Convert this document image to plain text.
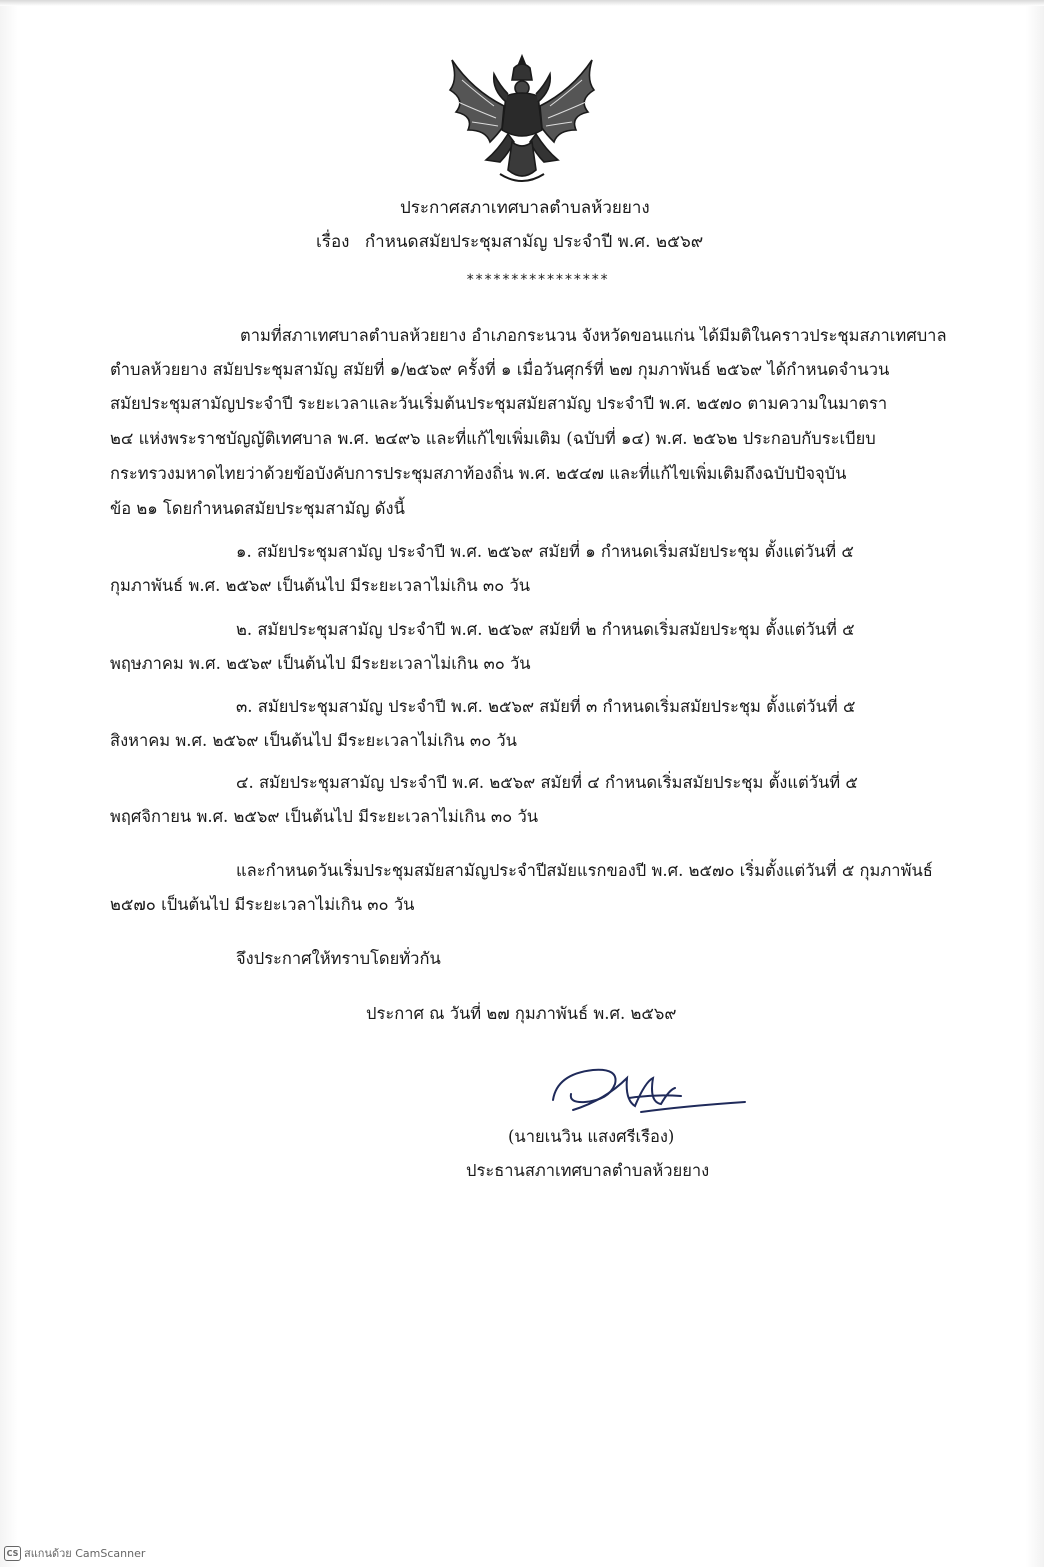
ประกาศสภาเทศบาลตำบลห้วยยาง
เรื่อง กำหนดสมัยประชุมสามัญ ประจำปี พ.ศ. ๒๕๖๙
****************
ตามที่สภาเทศบาลตำบลห้วยยาง อำเภอกระนวน จังหวัดขอนแก่น ได้มีมติในคราวประชุมสภาเทศบาล
ตำบลห้วยยาง สมัยประชุมสามัญ สมัยที่ ๑/๒๕๖๙ ครั้งที่ ๑ เมื่อวันศุกร์ที่ ๒๗ กุมภาพันธ์ ๒๕๖๙ ได้กำหนดจำนวน
สมัยประชุมสามัญประจำปี ระยะเวลาและวันเริ่มต้นประชุมสมัยสามัญ ประจำปี พ.ศ. ๒๕๗๐ ตามความในมาตรา
๒๔ แห่งพระราชบัญญัติเทศบาล พ.ศ. ๒๔๙๖ และที่แก้ไขเพิ่มเติม (ฉบับที่ ๑๔) พ.ศ. ๒๕๖๒ ประกอบกับระเบียบ
กระทรวงมหาดไทยว่าด้วยข้อบังคับการประชุมสภาท้องถิ่น พ.ศ. ๒๕๔๗ และที่แก้ไขเพิ่มเติมถึงฉบับปัจจุบัน
ข้อ ๒๑ โดยกำหนดสมัยประชุมสามัญ ดังนี้
๑. สมัยประชุมสามัญ ประจำปี พ.ศ. ๒๕๖๙ สมัยที่ ๑ กำหนดเริ่มสมัยประชุม ตั้งแต่วันที่ ๕
กุมภาพันธ์ พ.ศ. ๒๕๖๙ เป็นต้นไป มีระยะเวลาไม่เกิน ๓๐ วัน
๒. สมัยประชุมสามัญ ประจำปี พ.ศ. ๒๕๖๙ สมัยที่ ๒ กำหนดเริ่มสมัยประชุม ตั้งแต่วันที่ ๕
พฤษภาคม พ.ศ. ๒๕๖๙ เป็นต้นไป มีระยะเวลาไม่เกิน ๓๐ วัน
๓. สมัยประชุมสามัญ ประจำปี พ.ศ. ๒๕๖๙ สมัยที่ ๓ กำหนดเริ่มสมัยประชุม ตั้งแต่วันที่ ๕
สิงหาคม พ.ศ. ๒๕๖๙ เป็นต้นไป มีระยะเวลาไม่เกิน ๓๐ วัน
๔. สมัยประชุมสามัญ ประจำปี พ.ศ. ๒๕๖๙ สมัยที่ ๔ กำหนดเริ่มสมัยประชุม ตั้งแต่วันที่ ๕
พฤศจิกายน พ.ศ. ๒๕๖๙ เป็นต้นไป มีระยะเวลาไม่เกิน ๓๐ วัน
และกำหนดวันเริ่มประชุมสมัยสามัญประจำปีสมัยแรกของปี พ.ศ. ๒๕๗๐ เริ่มตั้งแต่วันที่ ๕ กุมภาพันธ์
๒๕๗๐ เป็นต้นไป มีระยะเวลาไม่เกิน ๓๐ วัน
จึงประกาศให้ทราบโดยทั่วกัน
ประกาศ ณ วันที่ ๒๗ กุมภาพันธ์ พ.ศ. ๒๕๖๙
(นายเนวิน แสงศรีเรือง)
ประธานสภาเทศบาลตำบลห้วยยาง
CS สแกนด้วย CamScanner
